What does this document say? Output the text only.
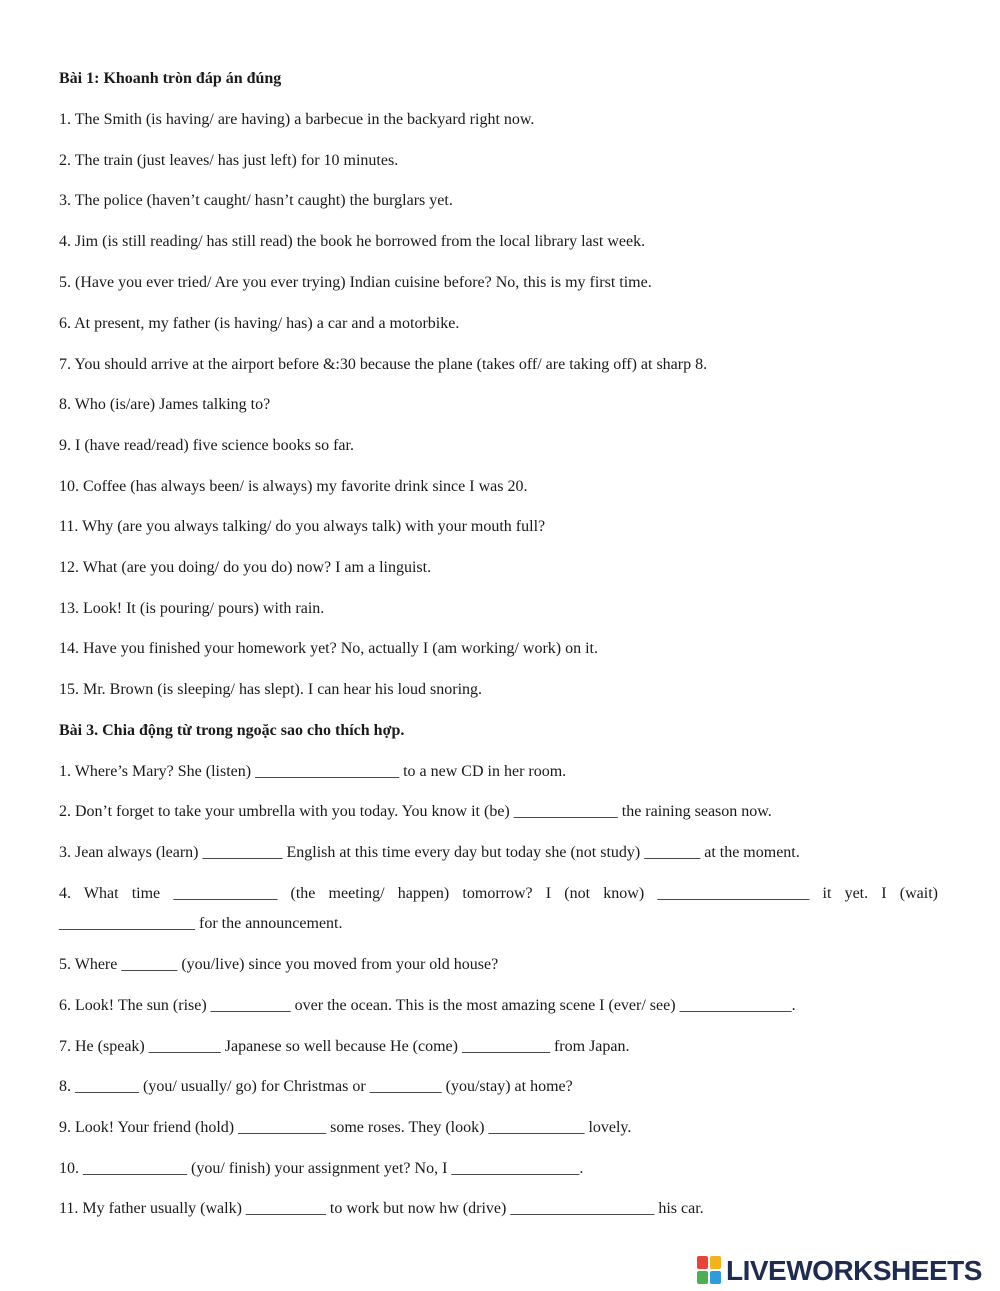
Bài 1: Khoanh tròn đáp án đúng
1. The Smith (is having/ are having) a barbecue in the backyard right now.
2. The train (just leaves/ has just left) for 10 minutes.
3. The police (haven’t caught/ hasn’t caught) the burglars yet.
4. Jim (is still reading/ has still read) the book he borrowed from the local library last week.
5. (Have you ever tried/ Are you ever trying) Indian cuisine before? No, this is my first time.
6. At present, my father (is having/ has) a car and a motorbike.
7. You should arrive at the airport before &:30 because the plane (takes off/ are taking off) at sharp 8.
8. Who (is/are) James talking to?
9. I (have read/read) five science books so far.
10. Coffee (has always been/ is always) my favorite drink since I was 20.
11. Why (are you always talking/ do you always talk) with your mouth full?
12. What (are you doing/ do you do) now? I am a linguist.
13. Look! It (is pouring/ pours) with rain.
14. Have you finished your homework yet? No, actually I (am working/ work) on it.
15. Mr. Brown (is sleeping/ has slept). I can hear his loud snoring.
Bài 3. Chia động từ trong ngoặc sao cho thích hợp.
1. Where’s Mary? She (listen) __________________ to a new CD in her room.
2. Don’t forget to take your umbrella with you today. You know it (be) _____________ the raining season now.
3. Jean always (learn) __________ English at this time every day but today she (not study) _______ at the moment.
4. What time _____________ (the meeting/ happen) tomorrow? I (not know) ___________________ it yet. I (wait)
_________________ for the announcement.
5. Where _______ (you/live) since you moved from your old house?
6. Look! The sun (rise) __________ over the ocean. This is the most amazing scene I (ever/ see) ______________.
7. He (speak) _________ Japanese so well because He (come) ___________ from Japan.
8. ________ (you/ usually/ go) for Christmas or _________ (you/stay) at home?
9. Look! Your friend (hold) ___________ some roses. They (look) ____________ lovely.
10. _____________ (you/ finish) your assignment yet? No, I ________________.
11. My father usually (walk) __________ to work but now hw (drive) __________________ his car.
LIVEWORKSHEETS
